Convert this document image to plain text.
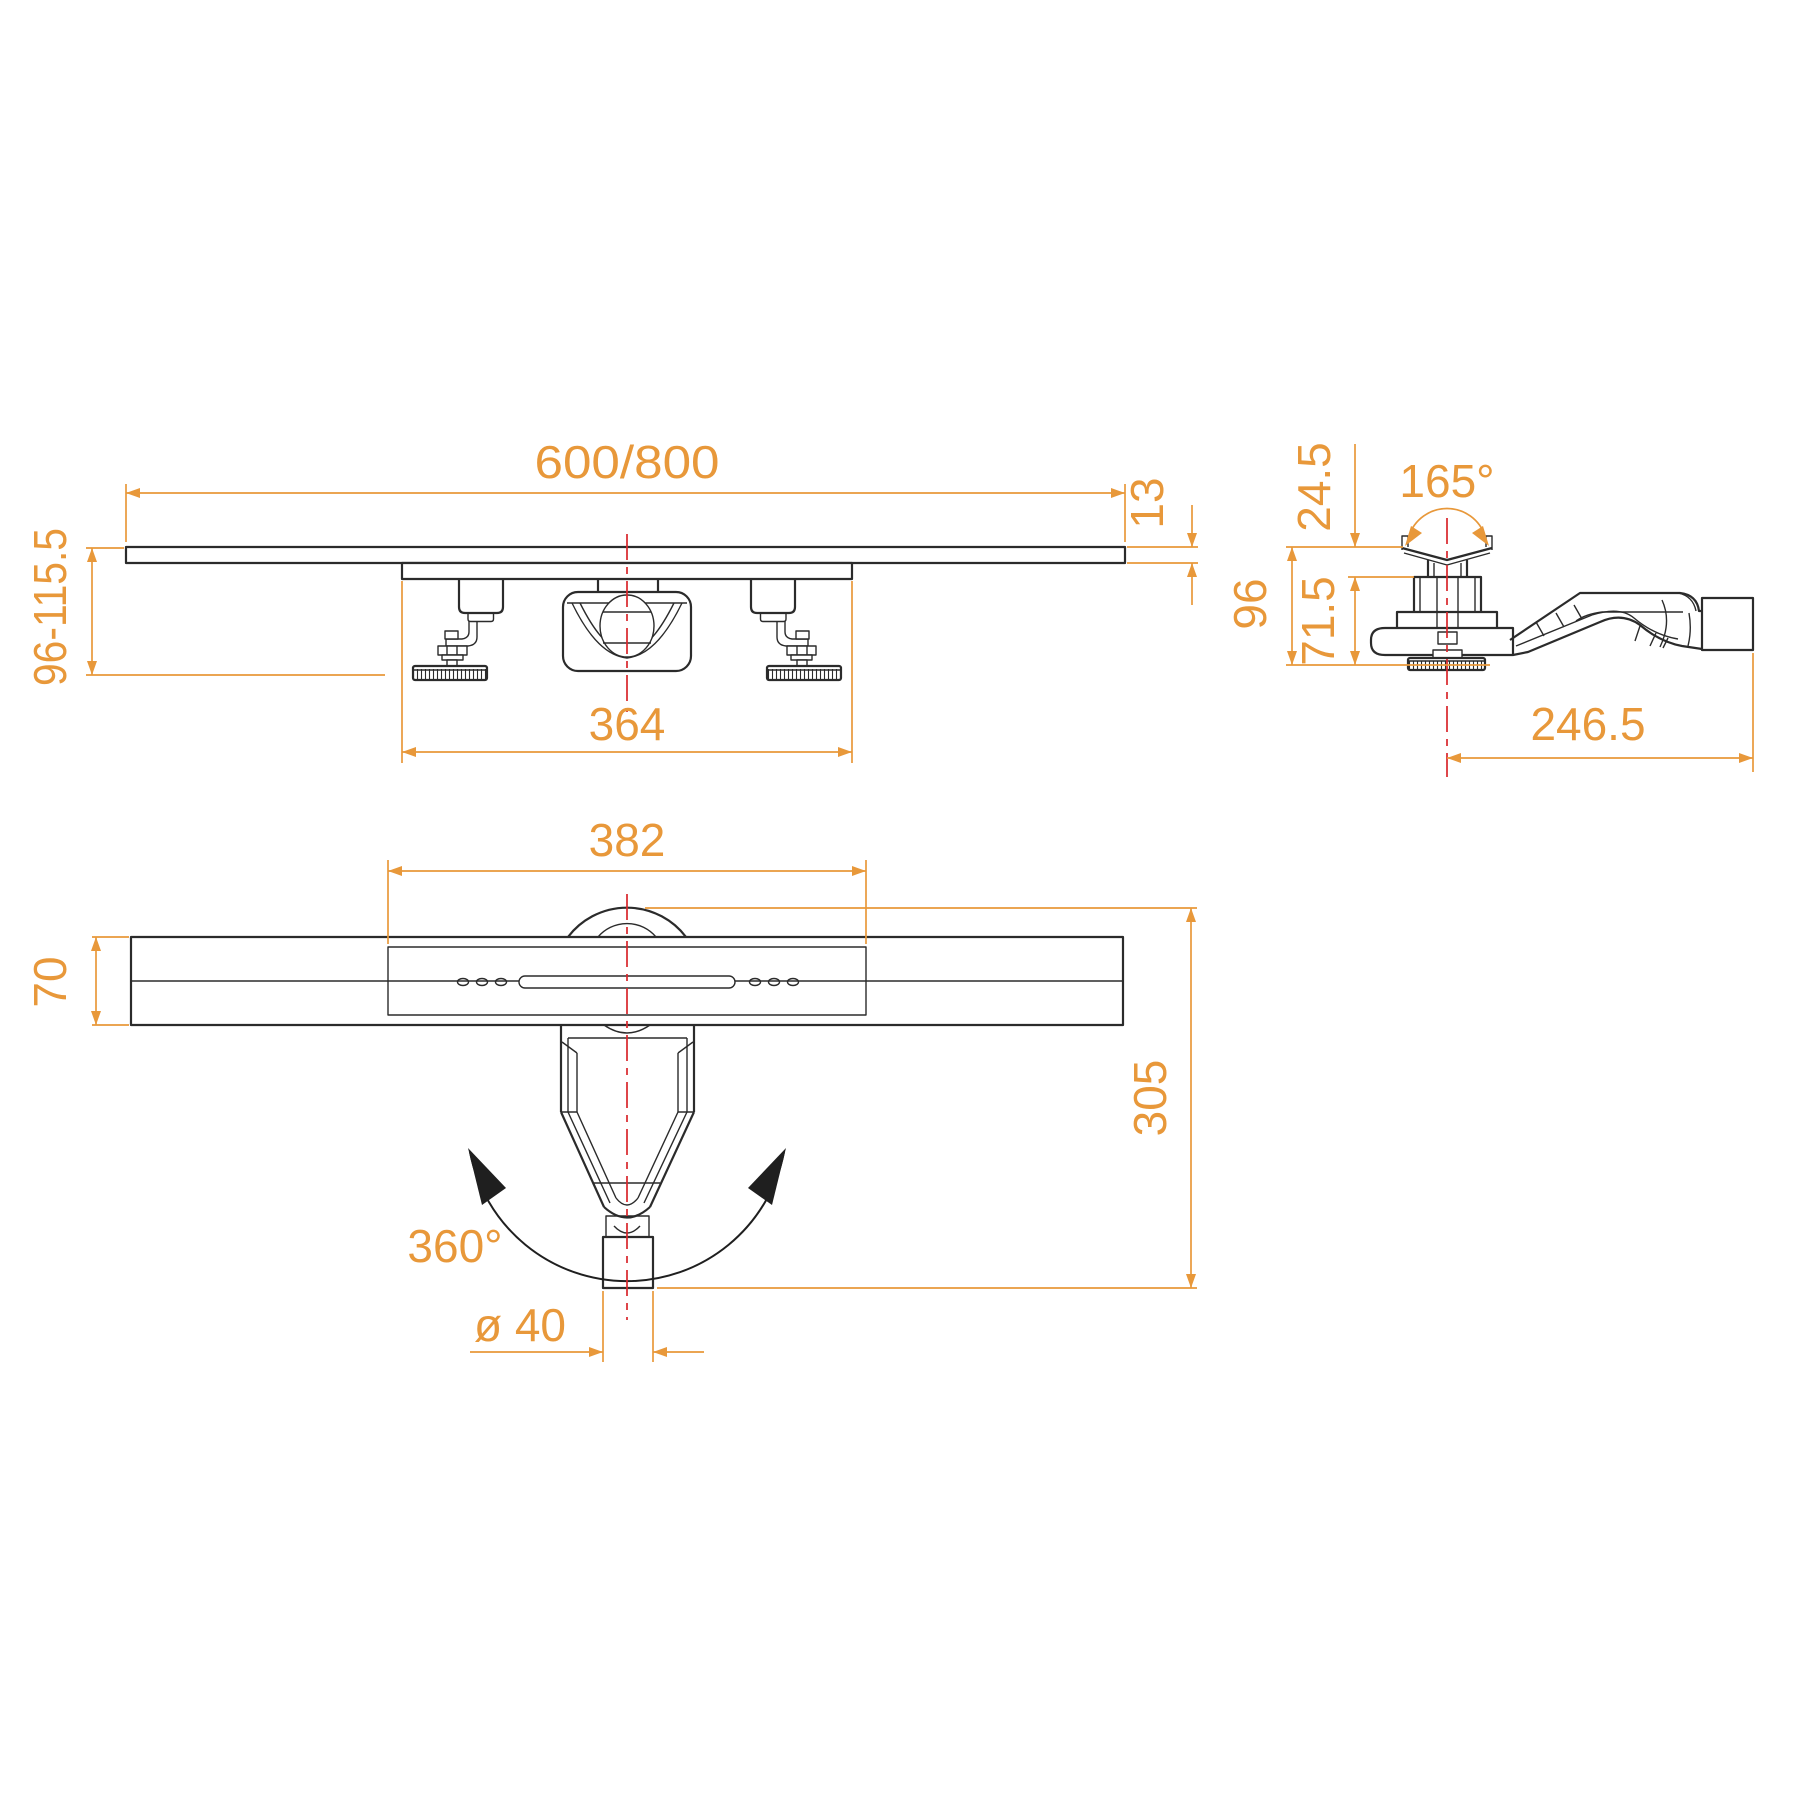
600/800
13
96-115.5
364
24.5 165°
96 71.5
246.5
382
70
305
360°
ø 40
